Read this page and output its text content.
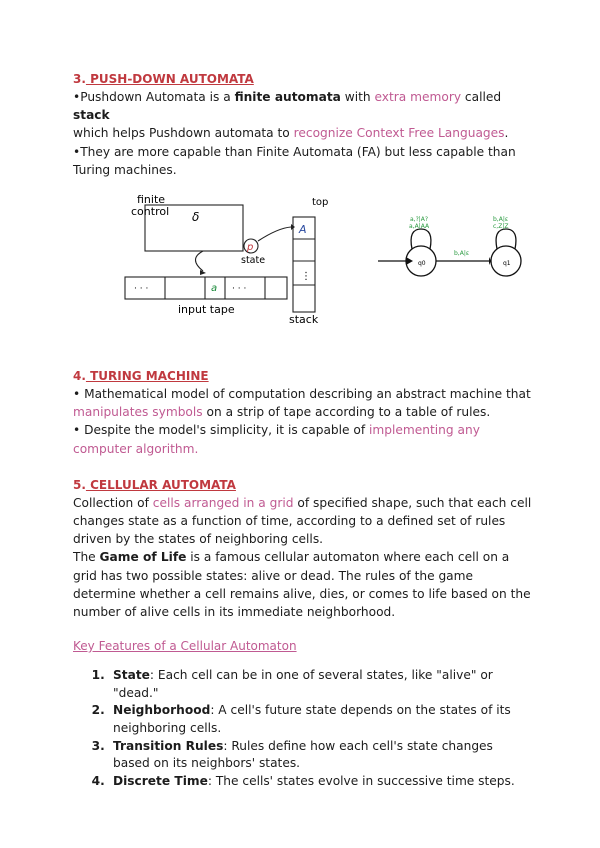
3. PUSH-DOWN AUTOMATA

•Pushdown Automata is a finite automata with extra memory called stack
which helps Pushdown automata to recognize Context Free Languages.

•They are more capable than Finite Automata (FA) but less capable than Turing machines.

finite
control δ
p
state
· · ·	a · · ·
input tape
top
A
⋮
stack
q0	q1
a,?|A?
a,A|AA
b,A|ε
b,A|ε
c,Z|Z

4. TURING MACHINE

• Mathematical model of computation describing an abstract machine that manipulates symbols on a strip of tape according to a table of rules.

• Despite the model's simplicity, it is capable of implementing any computer algorithm.

5. CELLULAR AUTOMATA

Collection of cells arranged in a grid of specified shape, such that each cell changes state as a function of time, according to a defined set of rules driven by the states of neighboring cells.

The Game of Life is a famous cellular automaton where each cell on a grid has two possible states: alive or dead. The rules of the game determine whether a cell remains alive, dies, or comes to life based on the number of alive cells in its immediate neighborhood.

Key Features of a Cellular Automaton

1. State: Each cell can be in one of several states, like "alive" or "dead."
2. Neighborhood: A cell's future state depends on the states of its neighboring cells.
3. Transition Rules: Rules define how each cell's state changes based on its neighbors' states.
4. Discrete Time: The cells' states evolve in successive time steps.
